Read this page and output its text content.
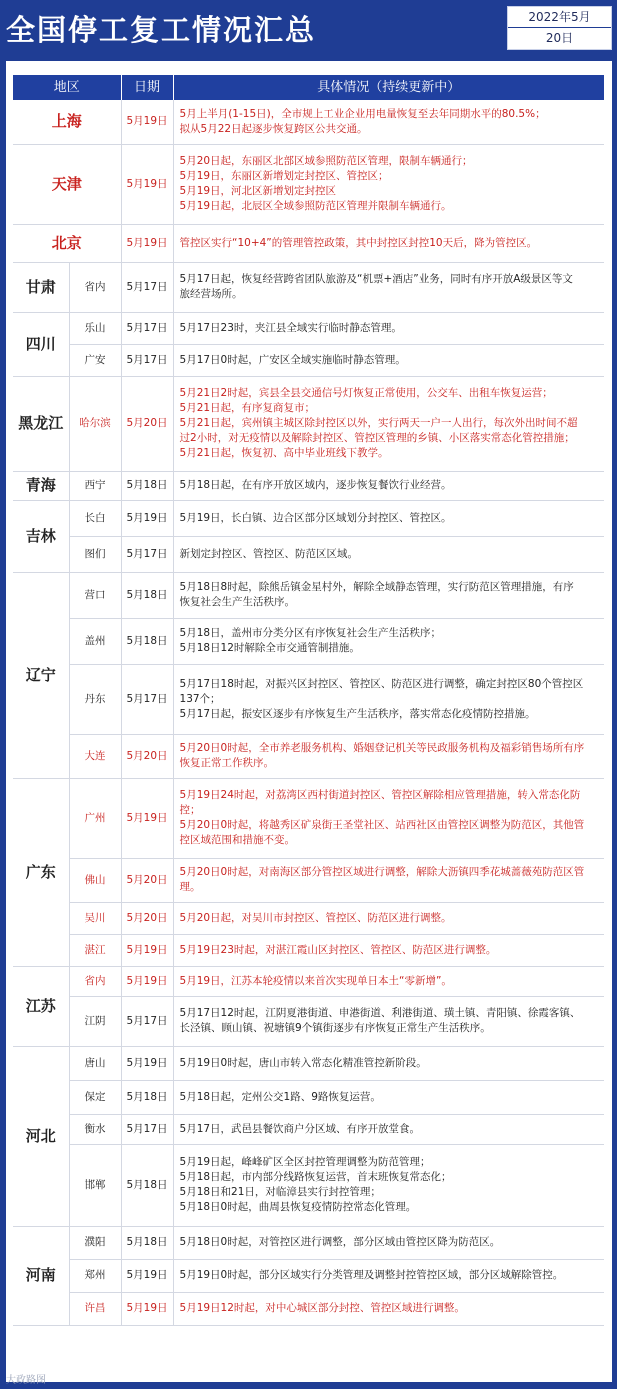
全国停工复工情况汇总	2022年5月
20日
地区		日期	具体情况（持续更新中）
上海		5月19日	5月上半月(1-15日)，全市规上工业企业用电量恢复至去年同期水平的80.5%；
拟从5月22日起逐步恢复跨区公共交通。

天津		5月19日	5月20日起，东丽区北部区域参照防范区管理，限制车辆通行；
5月19日，东丽区新增划定封控区、管控区；
5月19日，河北区新增划定封控区
5月19日起，北辰区全域参照防范区管理并限制车辆通行。

北京		5月19日	管控区实行“10+4”的管理管控政策，其中封控区封控10天后，降为管控区。

甘肃	省内	5月17日	5月17日起，恢复经营跨省团队旅游及“机票+酒店”业务，同时有序开放A级景区等文
旅经营场所。

四川	乐山	5月17日	5月17日23时，夹江县全域实行临时静态管理。

	广安	5月17日	5月17日0时起，广安区全域实施临时静态管理。

黑龙江	哈尔滨	5月20日	5月21日2时起，宾县全县交通信号灯恢复正常使用，公交车、出租车恢复运营；
5月21日起，有序复商复市；
5月21日起，宾州镇主城区除封控区以外，实行两天一户一人出行，每次外出时间不超
过2小时，对无疫情以及解除封控区、管控区管理的乡镇、小区落实常态化管控措施；
5月21日起，恢复初、高中毕业班线下教学。

青海	西宁	5月18日	5月18日起，在有序开放区域内，逐步恢复餐饮行业经营。

吉林	长白	5月19日	5月19日，长白镇、边合区部分区域划分封控区、管控区。

	图们	5月17日	新划定封控区、管控区、防范区区域。

辽宁	营口	5月18日	5月18日8时起，除熊岳镇金星村外，解除全域静态管理，实行防范区管理措施，有序
恢复社会生产生活秩序。

	盖州	5月18日	5月18日，盖州市分类分区有序恢复社会生产生活秩序；
5月18日12时解除全市交通管制措施。

	丹东	5月17日	5月17日18时起，对振兴区封控区、管控区、防范区进行调整，确定封控区80个管控区
137个；
5月17日起，振安区逐步有序恢复生产生活秩序，落实常态化疫情防控措施。

	大连	5月20日	5月20日0时起，全市养老服务机构、婚姻登记机关等民政服务机构及福彩销售场所有序
恢复正常工作秩序。

广东	广州	5月19日	5月19日24时起，对荔湾区西村街道封控区、管控区解除相应管理措施，转入常态化防
控；
5月20日0时起，将越秀区矿泉街王圣堂社区、站西社区由管控区调整为防范区，其他管
控区域范围和措施不变。

	佛山	5月20日	5月20日0时起，对南海区部分管控区域进行调整，解除大沥镇四季花城蔷薇苑防范区管
理。

	吴川	5月20日	5月20日起，对吴川市封控区、管控区、防范区进行调整。

	湛江	5月19日	5月19日23时起，对湛江霞山区封控区、管控区、防范区进行调整。

江苏	省内	5月19日	5月19日，江苏本轮疫情以来首次实现单日本土“零新增”。

	江阴	5月17日	5月17日12时起，江阴夏港街道、申港街道、利港街道、璜土镇、青阳镇、徐霞客镇、
长泾镇、顾山镇、祝塘镇9个镇街逐步有序恢复正常生产生活秩序。

河北	唐山	5月19日	5月19日0时起，唐山市转入常态化精准管控新阶段。

	保定	5月18日	5月18日起，定州公交1路、9路恢复运营。

	衡水	5月17日	5月17日，武邑县餐饮商户分区域、有序开放堂食。

	邯郸	5月18日	5月19日起，峰峰矿区全区封控管理调整为防范管理；
5月18日起，市内部分线路恢复运营，首末班恢复常态化；
5月18日和21日，对临漳县实行封控管理；
5月18日0时起，曲周县恢复疫情防控常态化管理。

河南	濮阳	5月18日	5月18日0时起，对管控区进行调整，部分区域由管控区降为防范区。

	郑州	5月19日	5月19日0时起，部分区域实行分类管理及调整封控管控区域，部分区域解除管控。

	许昌	5月19日	5月19日12时起，对中心城区部分封控、管控区域进行调整。
大政路图
